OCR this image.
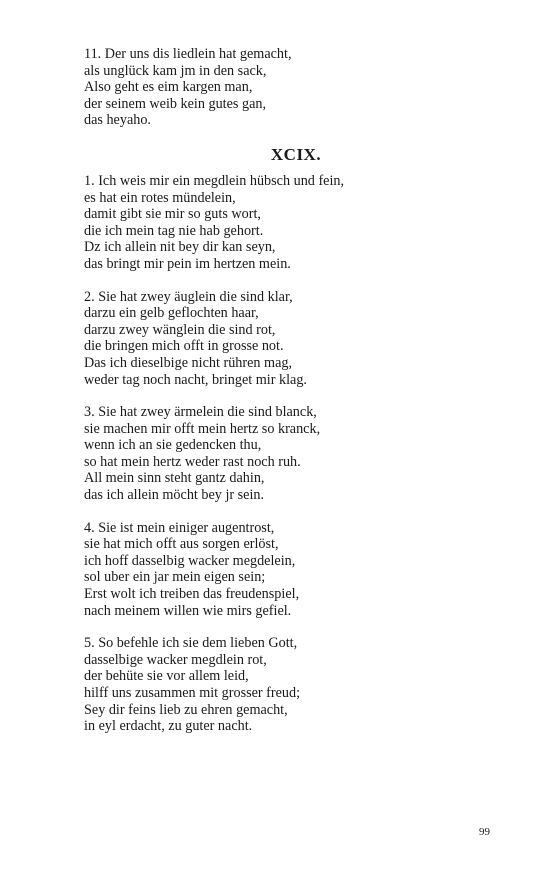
11. Der uns dis liedlein hat gemacht,
als unglück kam jm in den sack,
Also geht es eim kargen man,
der seinem weib kein gutes gan,
das heyaho.
XCIX.
1. Ich weis mir ein megdlein hübsch und fein,
es hat ein rotes mündelein,
damit gibt sie mir so guts wort,
die ich mein tag nie hab gehort.
Dz ich allein nit bey dir kan seyn,
das bringt mir pein im hertzen mein.
2. Sie hat zwey äuglein die sind klar,
darzu ein gelb geflochten haar,
darzu zwey wänglein die sind rot,
die bringen mich offt in grosse not.
Das ich dieselbige nicht rühren mag,
weder tag noch nacht, bringet mir klag.
3. Sie hat zwey ärmelein die sind blanck,
sie machen mir offt mein hertz so kranck,
wenn ich an sie gedencken thu,
so hat mein hertz weder rast noch ruh.
All mein sinn steht gantz dahin,
das ich allein möcht bey jr sein.
4. Sie ist mein einiger augentrost,
sie hat mich offt aus sorgen erlöst,
ich hoff dasselbig wacker megdelein,
sol uber ein jar mein eigen sein;
Erst wolt ich treiben das freudenspiel,
nach meinem willen wie mirs gefiel.
5. So befehle ich sie dem lieben Gott,
dasselbige wacker megdlein rot,
der behüte sie vor allem leid,
hilff uns zusammen mit grosser freud;
Sey dir feins lieb zu ehren gemacht,
in eyl erdacht, zu guter nacht.
99
